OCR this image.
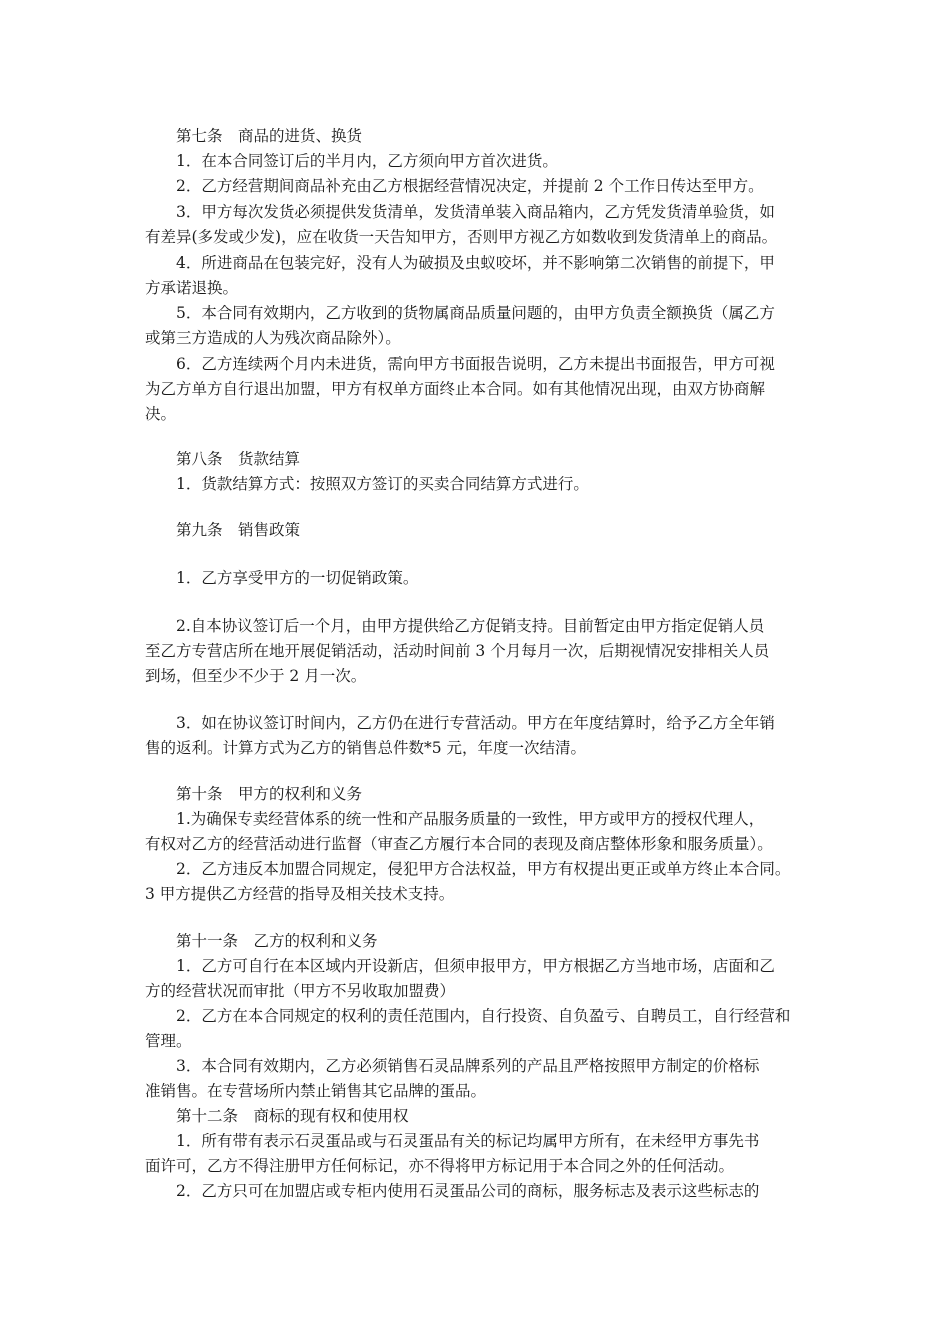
第七条　商品的进货、换货
1．在本合同签订后的半月内，乙方须向甲方首次进货。
2．乙方经营期间商品补充由乙方根据经营情况决定，并提前 2 个工作日传达至甲方。
3．甲方每次发货必须提供发货清单，发货清单装入商品箱内，乙方凭发货清单验货，如
有差异(多发或少发)，应在收货一天告知甲方，否则甲方视乙方如数收到发货清单上的商品。
4．所进商品在包装完好，没有人为破损及虫蚁咬坏，并不影响第二次销售的前提下，甲
方承诺退换。
5．本合同有效期内，乙方收到的货物属商品质量问题的，由甲方负责全额换货（属乙方
或第三方造成的人为残次商品除外）。
6．乙方连续两个月内未进货，需向甲方书面报告说明，乙方未提出书面报告，甲方可视
为乙方单方自行退出加盟，甲方有权单方面终止本合同。如有其他情况出现，由双方协商解
决。
第八条　货款结算
1．货款结算方式：按照双方签订的买卖合同结算方式进行。
第九条　销售政策
1．乙方享受甲方的一切促销政策。
2.自本协议签订后一个月，由甲方提供给乙方促销支持。目前暂定由甲方指定促销人员
至乙方专营店所在地开展促销活动，活动时间前 3 个月每月一次，后期视情况安排相关人员
到场，但至少不少于 2 月一次。
3．如在协议签订时间内，乙方仍在进行专营活动。甲方在年度结算时，给予乙方全年销
售的返利。计算方式为乙方的销售总件数*5 元，年度一次结清。
第十条　甲方的权利和义务
1.为确保专卖经营体系的统一性和产品服务质量的一致性，甲方或甲方的授权代理人，
有权对乙方的经营活动进行监督（审查乙方履行本合同的表现及商店整体形象和服务质量）。
2．乙方违反本加盟合同规定，侵犯甲方合法权益，甲方有权提出更正或单方终止本合同。
3 甲方提供乙方经营的指导及相关技术支持。
第十一条　乙方的权利和义务
1．乙方可自行在本区域内开设新店，但须申报甲方，甲方根据乙方当地市场，店面和乙
方的经营状况而审批（甲方不另收取加盟费）
2．乙方在本合同规定的权利的责任范围内，自行投资、自负盈亏、自聘员工，自行经营和
管理。
3．本合同有效期内，乙方必须销售石灵品牌系列的产品且严格按照甲方制定的价格标
准销售。在专营场所内禁止销售其它品牌的蛋品。
第十二条　商标的现有权和使用权
1．所有带有表示石灵蛋品或与石灵蛋品有关的标记均属甲方所有，在未经甲方事先书
面许可，乙方不得注册甲方任何标记，亦不得将甲方标记用于本合同之外的任何活动。
2．乙方只可在加盟店或专柜内使用石灵蛋品公司的商标，服务标志及表示这些标志的
